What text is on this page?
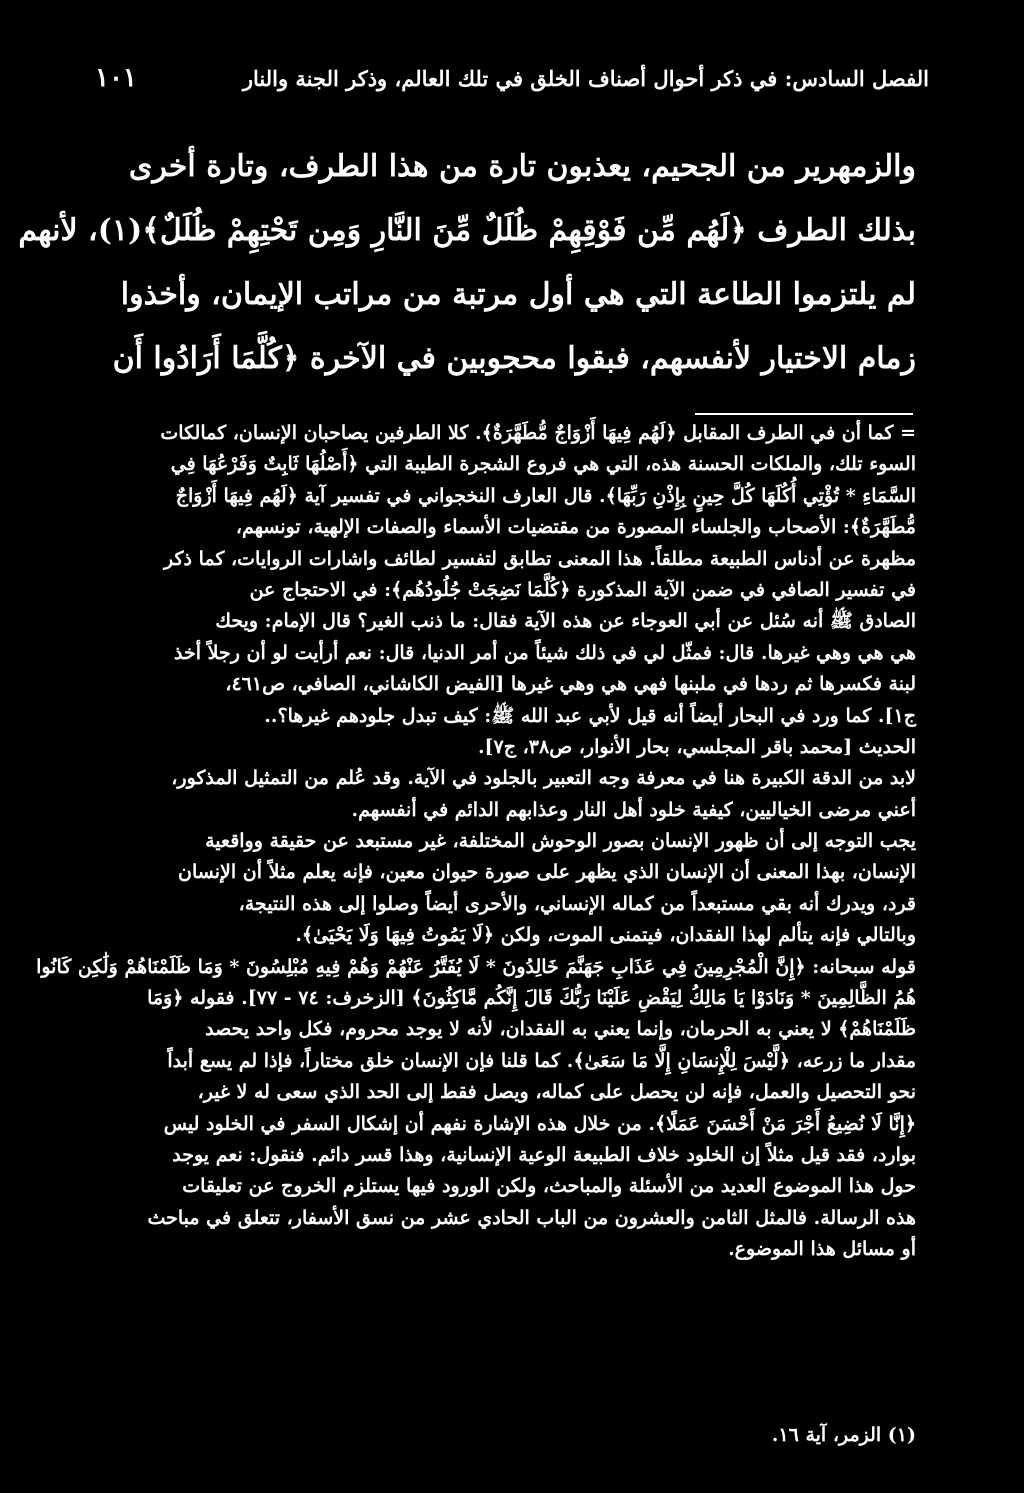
الفصل السادس: في ذكر أحوال أصناف الخلق في تلك العالم، وذكر الجنة والنار
١٠١
والزمهرير من الجحيم، يعذبون تارة من هذا الطرف، وتارة أخرى
بذلك الطرف ﴿لَهُم مِّن فَوْقِهِمْ ظُلَلٌ مِّنَ النَّارِ وَمِن تَحْتِهِمْ ظُلَلٌ﴾(١)، لأنهم
لم يلتزموا الطاعة التي هي أول مرتبة من مراتب الإيمان، وأخذوا
زمام الاختيار لأنفسهم، فبقوا محجوبين في الآخرة ﴿كُلَّمَا أَرَادُوا أَن
= كما أن في الطرف المقابل ﴿لَهُم فِيهَا أَزْوَاجٌ مُّطَهَّرَةٌ﴾. كلا الطرفين يصاحبان الإنسان، كمالكات
السوء تلك، والملكات الحسنة هذه، التي هي فروع الشجرة الطيبة التي ﴿أَصْلُهَا ثَابِتٌ وَفَرْعُهَا فِي
السَّمَاءِ * تُؤْتِي أُكُلَهَا كُلَّ حِينٍ بِإِذْنِ رَبِّهَا﴾. قال العارف النخجواني في تفسير آية ﴿لَهُم فِيهَا أَزْوَاجٌ
مُّطَهَّرَةٌ﴾: الأصحاب والجلساء المصورة من مقتضيات الأسماء والصفات الإلهية، تونسهم،
مظهرة عن أدناس الطبيعة مطلقاً. هذا المعنى تطابق لتفسير لطائف واشارات الروايات، كما ذكر
في تفسير الصافي في ضمن الآية المذكورة ﴿كُلَّمَا نَضِجَتْ جُلُودُهُم﴾: في الاحتجاج عن
الصادق ﷺ أنه سُئل عن أبي العوجاء عن هذه الآية فقال: ما ذنب الغير؟ قال الإمام: ويحك
هي هي وهي غيرها. قال: فمثّل لي في ذلك شيئاً من أمر الدنيا، قال: نعم أرأيت لو أن رجلاً أخذ
لبنة فكسرها ثم ردها في ملبنها فهي هي وهي غيرها [الفيض الكاشاني، الصافي، ص٤٦١،
ج١]. كما ورد في البحار أيضاً أنه قيل لأبي عبد الله ﷺ: كيف تبدل جلودهم غيرها؟..
الحديث [محمد باقر المجلسي، بحار الأنوار، ص٣٨، ج٧].
لابد من الدقة الكبيرة هنا في معرفة وجه التعبير بالجلود في الآية. وقد عُلم من التمثيل المذكور،
أعني مرضى الخياليين، كيفية خلود أهل النار وعذابهم الدائم في أنفسهم.
يجب التوجه إلى أن ظهور الإنسان بصور الوحوش المختلفة، غير مستبعد عن حقيقة وواقعية
الإنسان، بهذا المعنى أن الإنسان الذي يظهر على صورة حيوان معين، فإنه يعلم مثلاً أن الإنسان
قرد، ويدرك أنه بقي مستبعداً من كماله الإنساني، والأحرى أيضاً وصلوا إلى هذه النتيجة،
وبالتالي فإنه يتألم لهذا الفقدان، فيتمنى الموت، ولكن ﴿لَا يَمُوتُ فِيهَا وَلَا يَحْيَىٰ﴾.
قوله سبحانه: ﴿إِنَّ الْمُجْرِمِينَ فِي عَذَابِ جَهَنَّمَ خَالِدُونَ * لَا يُفَتَّرُ عَنْهُمْ وَهُمْ فِيهِ مُبْلِسُونَ * وَمَا ظَلَمْنَاهُمْ وَلَٰكِن كَانُوا
هُمُ الظَّالِمِينَ * وَنَادَوْا يَا مَالِكُ لِيَقْضِ عَلَيْنَا رَبُّكَ قَالَ إِنَّكُم مَّاكِثُونَ﴾ [الزخرف: ٧٤ - ٧٧]. فقوله ﴿وَمَا
ظَلَمْنَاهُمْ﴾ لا يعني به الحرمان، وإنما يعني به الفقدان، لأنه لا يوجد محروم، فكل واحد يحصد
مقدار ما زرعه، ﴿لَّيْسَ لِلْإِنسَانِ إِلَّا مَا سَعَىٰ﴾. كما قلنا فإن الإنسان خلق مختاراً، فإذا لم يسع أبداً
نحو التحصيل والعمل، فإنه لن يحصل على كماله، ويصل فقط إلى الحد الذي سعى له لا غير،
﴿إِنَّا لَا نُضِيعُ أَجْرَ مَنْ أَحْسَنَ عَمَلًا﴾. من خلال هذه الإشارة نفهم أن إشكال السفر في الخلود ليس
بوارد، فقد قيل مثلاً إن الخلود خلاف الطبيعة الوعية الإنسانية، وهذا قسر دائم. فنقول: نعم يوجد
حول هذا الموضوع العديد من الأسئلة والمباحث، ولكن الورود فيها يستلزم الخروج عن تعليقات
هذه الرسالة. فالمثل الثامن والعشرون من الباب الحادي عشر من نسق الأسفار، تتعلق في مباحث
أو مسائل هذا الموضوع.
(١) الزمر، آية ١٦.
